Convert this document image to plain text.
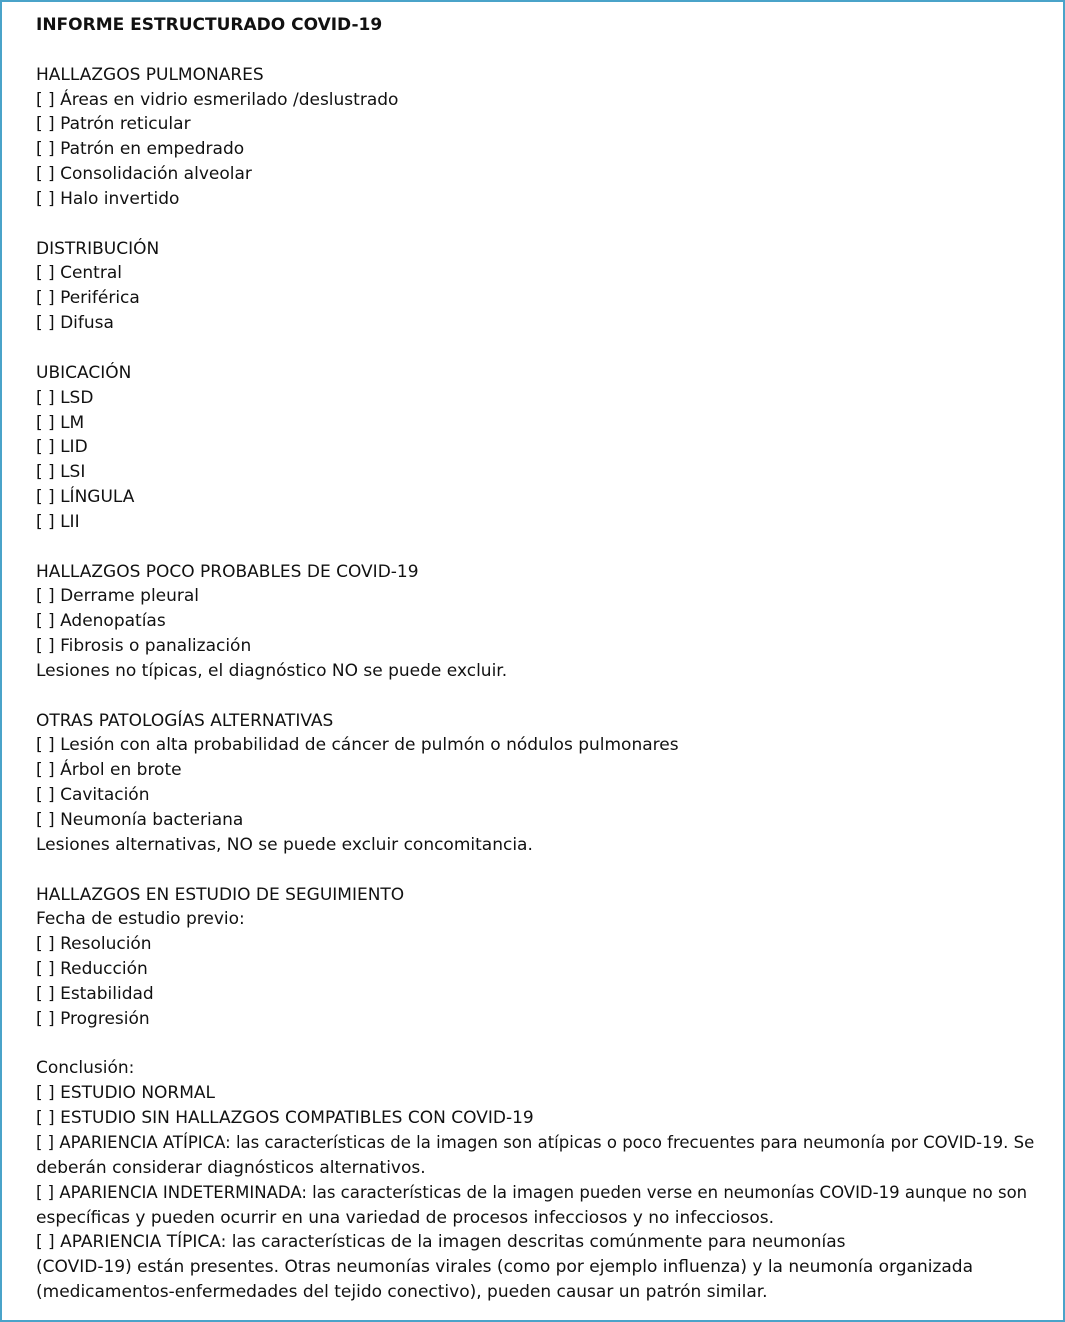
INFORME ESTRUCTURADO COVID-19
HALLAZGOS PULMONARES
[ ] Áreas en vidrio esmerilado /deslustrado
[ ] Patrón reticular
[ ] Patrón en empedrado
[ ] Consolidación alveolar
[ ] Halo invertido
DISTRIBUCIÓN
[ ] Central
[ ] Periférica
[ ] Difusa
UBICACIÓN
[ ] LSD
[ ] LM
[ ] LID
[ ] LSI
[ ] LÍNGULA
[ ] LII
HALLAZGOS POCO PROBABLES DE COVID-19
[ ] Derrame pleural
[ ] Adenopatías
[ ] Fibrosis o panalización
Lesiones no típicas, el diagnóstico NO se puede excluir.
OTRAS PATOLOGÍAS ALTERNATIVAS
[ ] Lesión con alta probabilidad de cáncer de pulmón o nódulos pulmonares
[ ] Árbol en brote
[ ] Cavitación
[ ] Neumonía bacteriana
Lesiones alternativas, NO se puede excluir concomitancia.
HALLAZGOS EN ESTUDIO DE SEGUIMIENTO
Fecha de estudio previo:
[ ] Resolución
[ ] Reducción
[ ] Estabilidad
[ ] Progresión
Conclusión:
[ ] ESTUDIO NORMAL
[ ] ESTUDIO SIN HALLAZGOS COMPATIBLES CON COVID-19
[ ] APARIENCIA ATÍPICA: las características de la imagen son atípicas o poco frecuentes para neumonía por COVID-19. Se
deberán considerar diagnósticos alternativos.
[ ] APARIENCIA INDETERMINADA: las características de la imagen pueden verse en neumonías COVID-19 aunque no son
específicas y pueden ocurrir en una variedad de procesos infecciosos y no infecciosos.
[ ] APARIENCIA TÍPICA: las características de la imagen descritas comúnmente para neumonías
(COVID-19) están presentes. Otras neumonías virales (como por ejemplo influenza) y la neumonía organizada
(medicamentos-enfermedades del tejido conectivo), pueden causar un patrón similar.
